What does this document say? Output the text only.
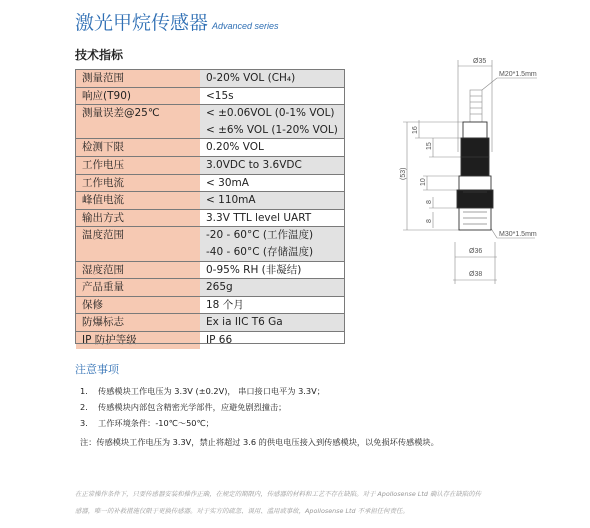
激光甲烷传感器 Advanced series
技术指标
测量范围	0-20% VOL (CH₄)

响应(T90)	<15s

测量误差@25℃	< ±0.06VOL (0-1% VOL)
< ±6% VOL (1-20% VOL)

检测下限	0.20% VOL

工作电压	3.0VDC to 3.6VDC

工作电流	< 30mA

峰值电流	< 110mA

输出方式	3.3V TTL level UART

温度范围	-20 - 60°C (工作温度)
-40 - 60°C (存储温度)

湿度范围	0-95% RH (非凝结)

产品重量	265g

保修	18 个月

防爆标志	Ex ia IIC T6 Ga

IP 防护等级	IP 66
Ø35
M20*1.5mm
16
15
(53)
10
8
8
M30*1.5mm
Ø36
Ø38
注意事项
1. 传感模块工作电压为 3.3V (±0.2V)， 串口接口电平为 3.3V；
2. 传感模块内部包含精密光学部件，应避免剧烈撞击；
3. 工作环境条件：-10℃～50℃；
注：传感模块工作电压为 3.3V，禁止将超过 3.6 的供电电压接入到传感模块，以免损坏传感模块。
在正常操作条件下，只要传感器安装和操作正确，在规定的期限内，传感器的材料和工艺不存在缺陷。对于 Apollosense Ltd 确认存在缺陷的传
感器，唯一的补救措施仅限于更换传感器。对于实方的疏忽、误用、滥用或事故，Apollosense Ltd 不承担任何责任。
